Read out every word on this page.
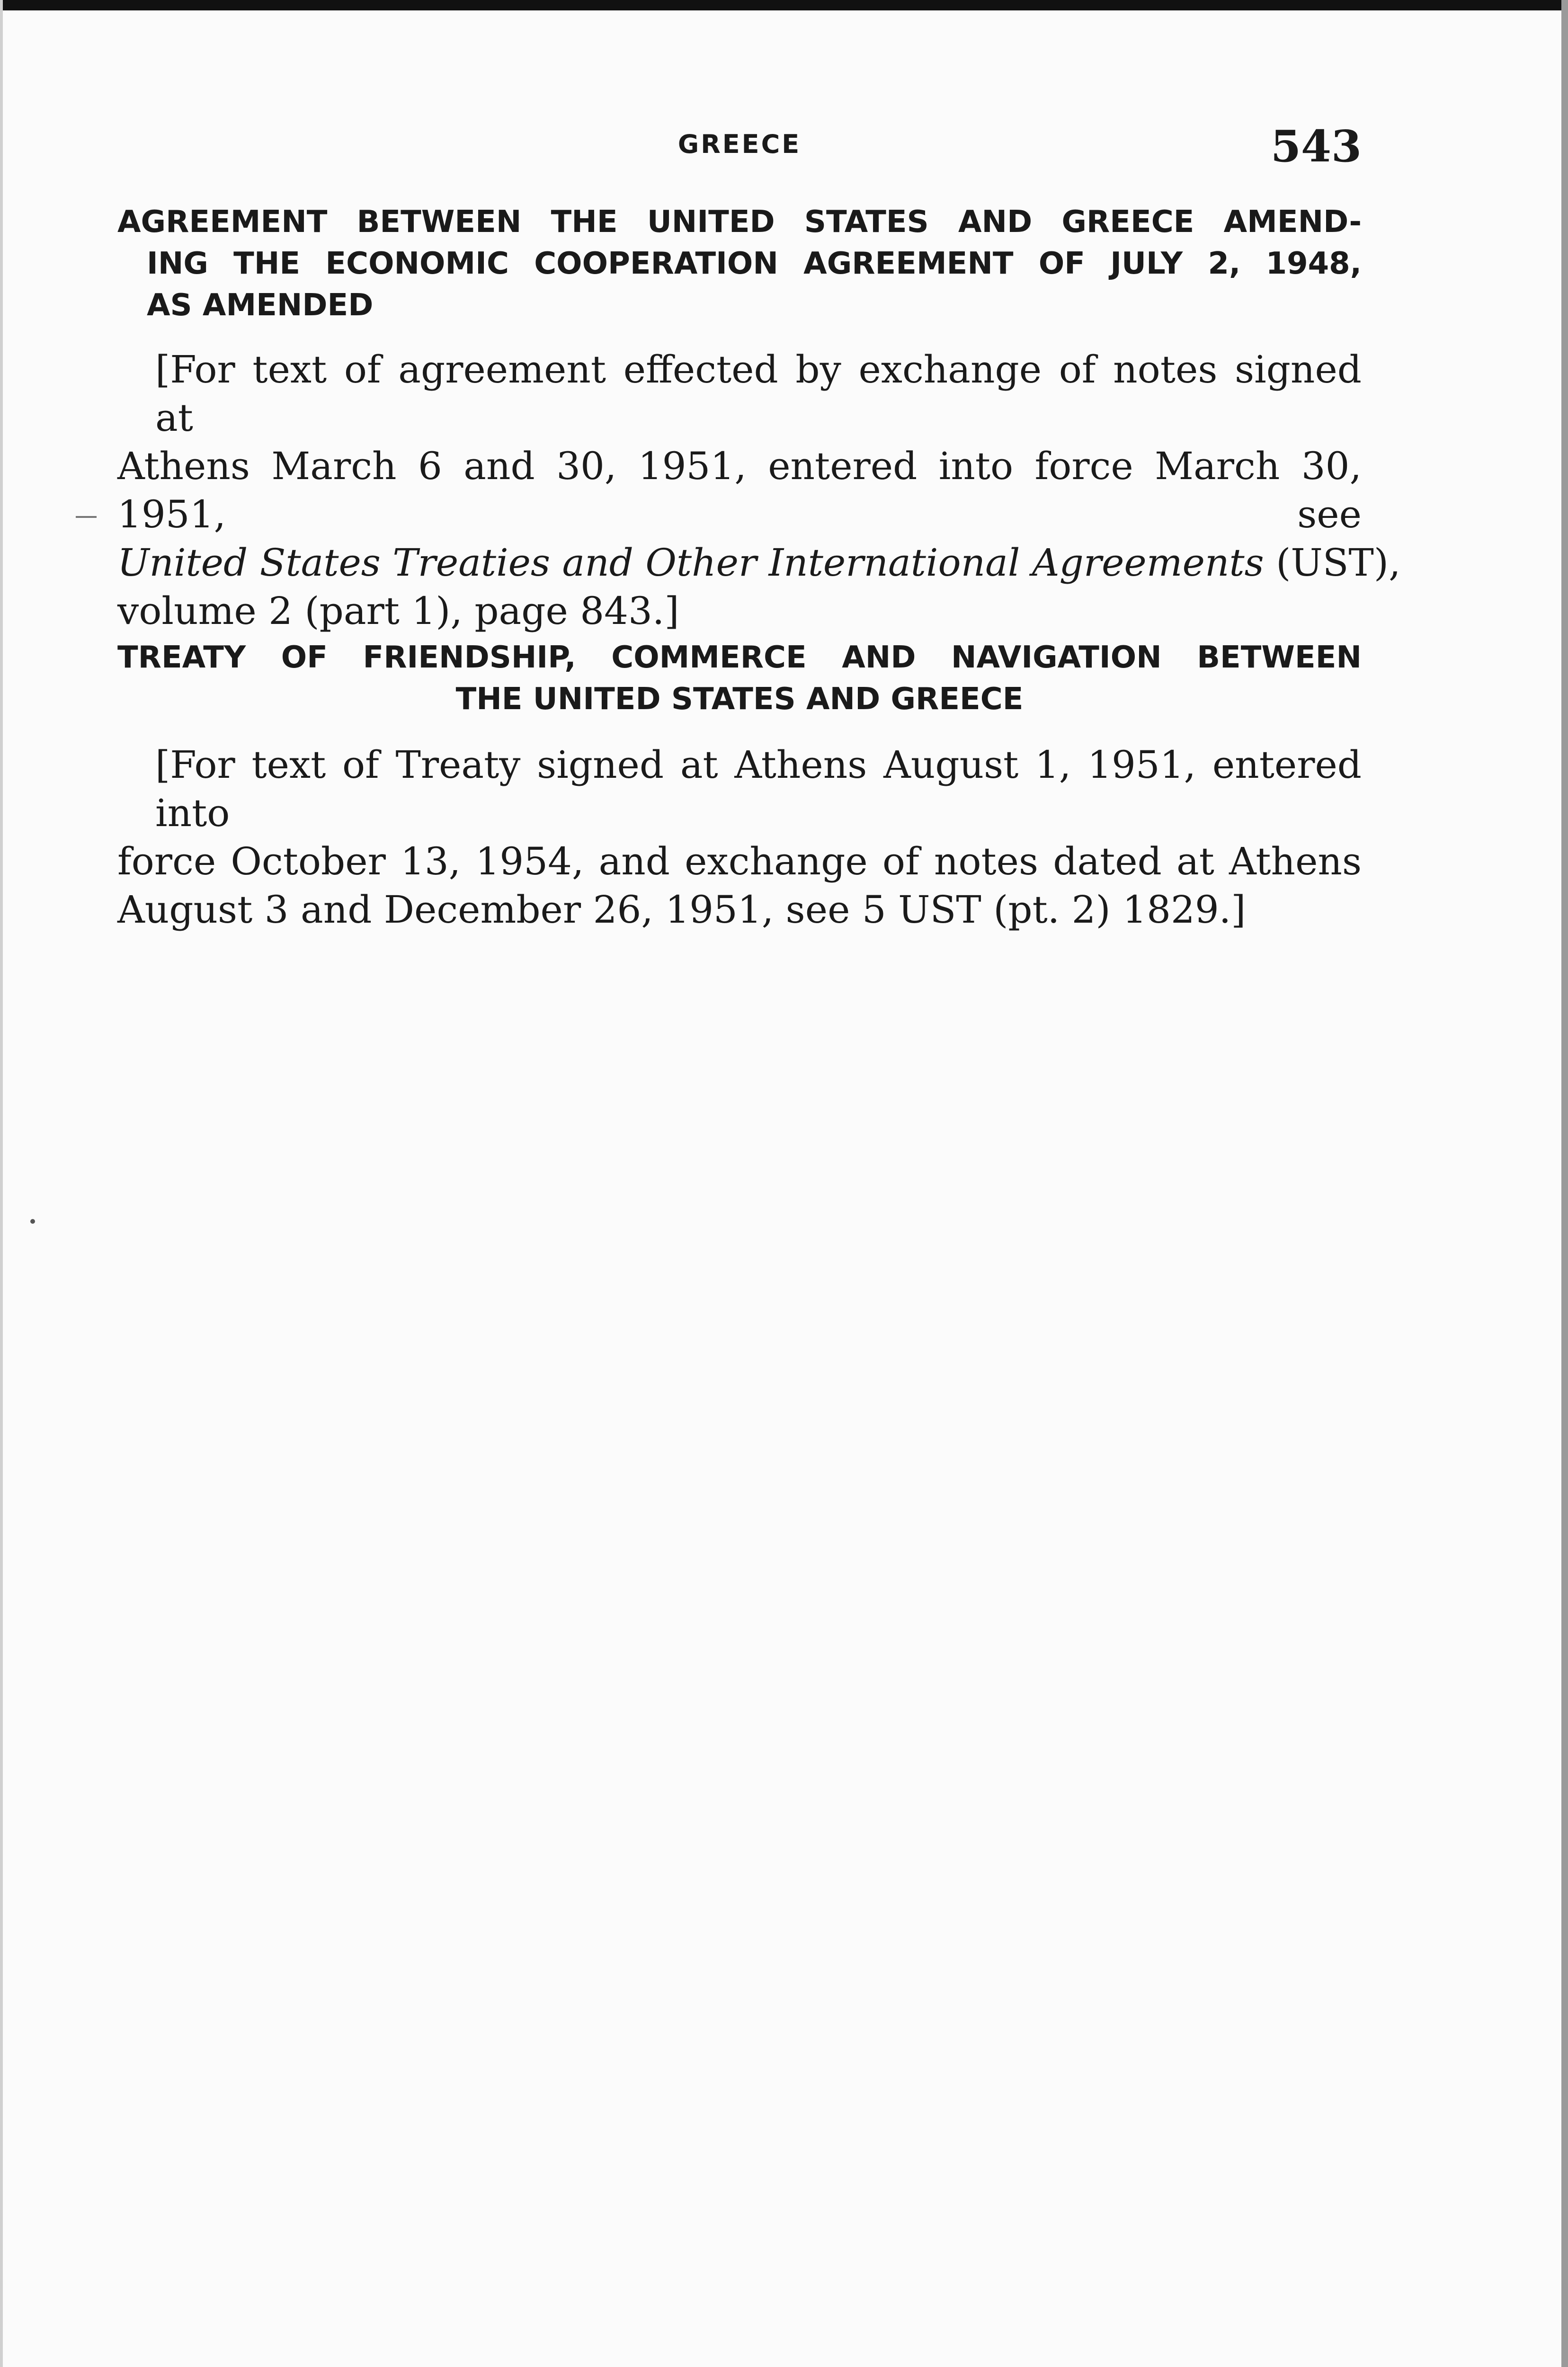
GREECE	543
AGREEMENT BETWEEN THE UNITED STATES AND GREECE AMEND-
ING THE ECONOMIC COOPERATION AGREEMENT OF JULY 2, 1948,
AS AMENDED
[For text of agreement effected by exchange of notes signed at
Athens March 6 and 30, 1951, entered into force March 30, 1951, see
United States Treaties and Other International Agreements (UST),
volume 2 (part 1), page 843.]
TREATY OF FRIENDSHIP, COMMERCE AND NAVIGATION BETWEEN
THE UNITED STATES AND GREECE
[For text of Treaty signed at Athens August 1, 1951, entered into
force October 13, 1954, and exchange of notes dated at Athens
August 3 and December 26, 1951, see 5 UST (pt. 2) 1829.]
